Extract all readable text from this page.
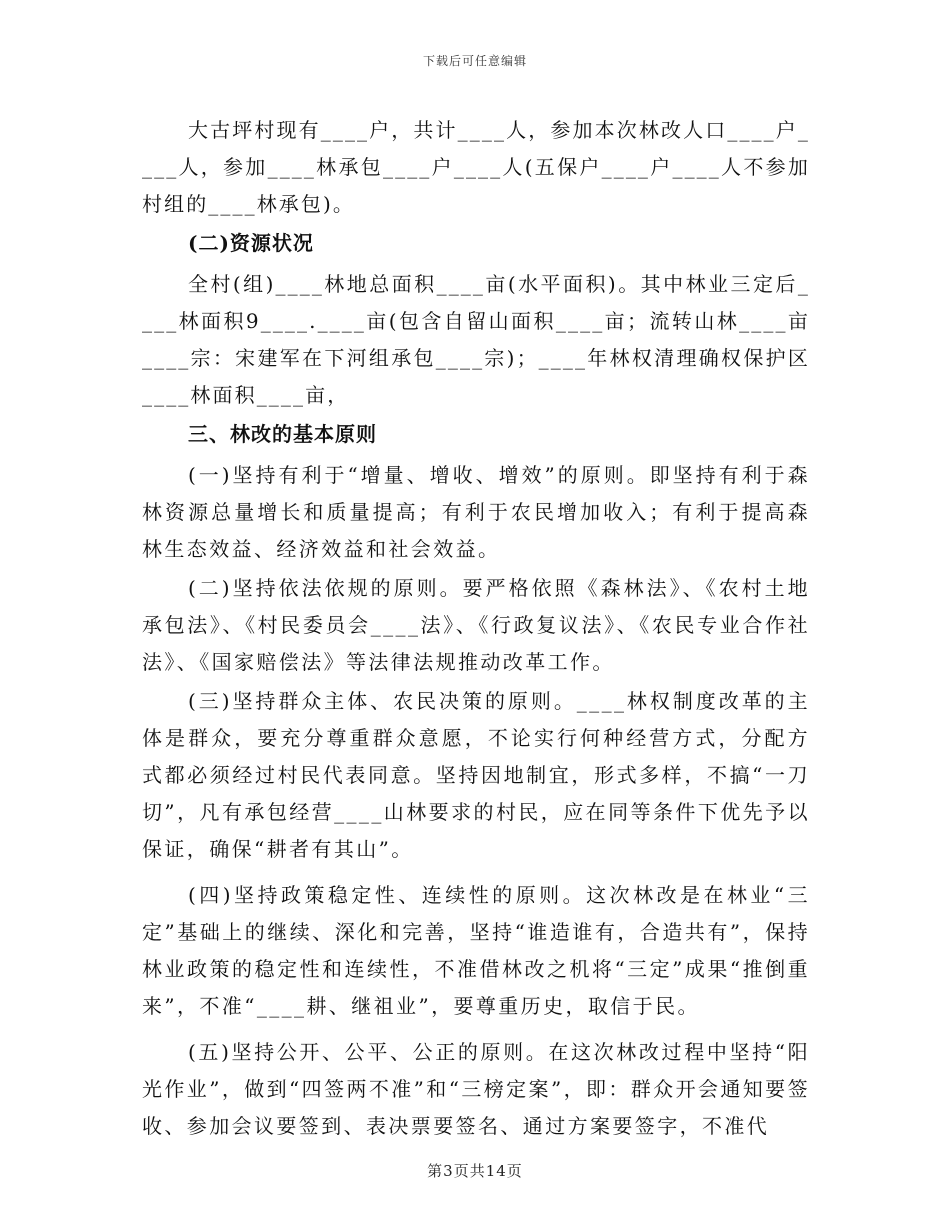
下载后可任意编辑

大古坪村现有____户，共计____人，参加本次林改人口____户____人，参加____林承包____户____人(五保户____户____人不参加村组的____林承包)。

(二)资源状况

全村(组)____林地总面积____亩(水平面积)。其中林业三定后____林面积9____.____亩(包含自留山面积____亩；流转山林____亩____宗：宋建军在下河组承包____宗)；____年林权清理确权保护区____林面积____亩，

三、林改的基本原则

(一)坚持有利于“增量、增收、增效”的原则。即坚持有利于森林资源总量增长和质量提高；有利于农民增加收入；有利于提高森林生态效益、经济效益和社会效益。

(二)坚持依法依规的原则。要严格依照《森林法》、《农村土地承包法》、《村民委员会____法》、《行政复议法》、《农民专业合作社法》、《国家赔偿法》等法律法规推动改革工作。

(三)坚持群众主体、农民决策的原则。____林权制度改革的主体是群众，要充分尊重群众意愿，不论实行何种经营方式，分配方式都必须经过村民代表同意。坚持因地制宜，形式多样，不搞“一刀切”，凡有承包经营____山林要求的村民，应在同等条件下优先予以保证，确保“耕者有其山”。

(四)坚持政策稳定性、连续性的原则。这次林改是在林业“三定”基础上的继续、深化和完善，坚持“谁造谁有，合造共有”，保持林业政策的稳定性和连续性，不准借林改之机将“三定”成果“推倒重来”，不准“____耕、继祖业”，要尊重历史，取信于民。

(五)坚持公开、公平、公正的原则。在这次林改过程中坚持“阳光作业”，做到“四签两不准”和“三榜定案”，即：群众开会通知要签收、参加会议要签到、表决票要签名、通过方案要签字，不准代

第3页共14页
